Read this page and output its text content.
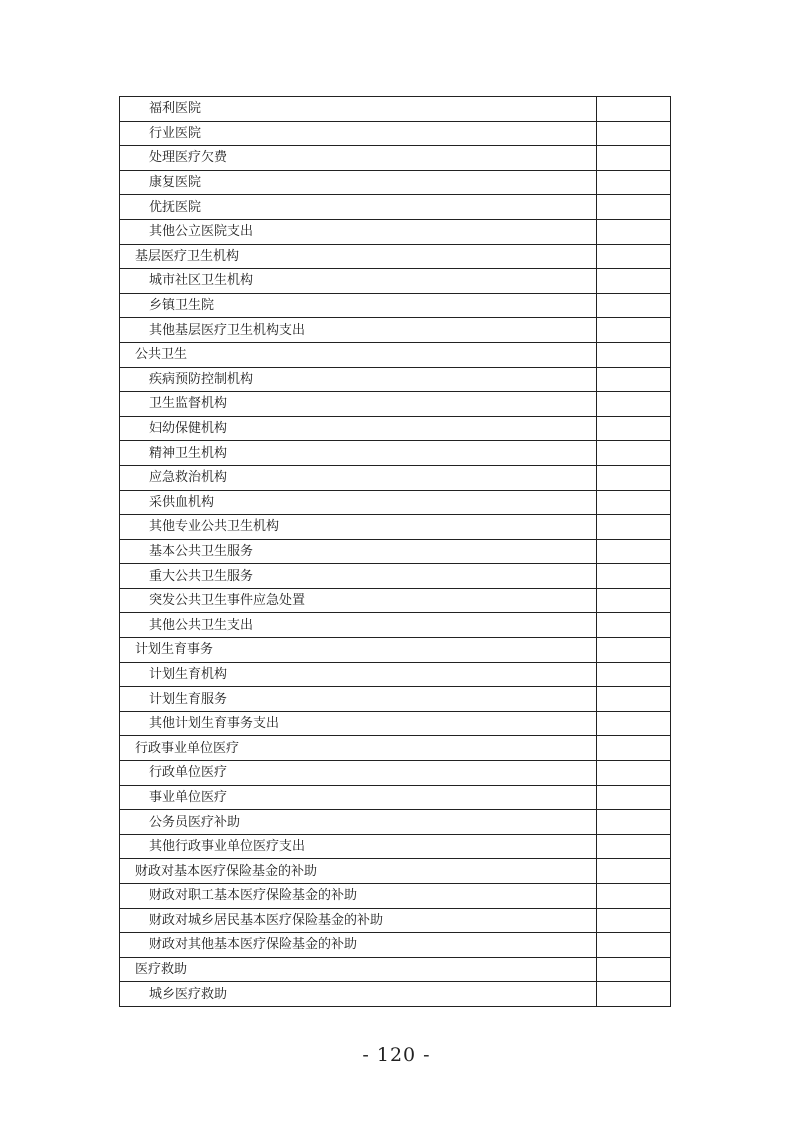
福利医院	
行业医院	
处理医疗欠费	
康复医院	
优抚医院	
其他公立医院支出	
基层医疗卫生机构	
城市社区卫生机构	
乡镇卫生院	
其他基层医疗卫生机构支出	
公共卫生	
疾病预防控制机构	
卫生监督机构	
妇幼保健机构	
精神卫生机构	
应急救治机构	
采供血机构	
其他专业公共卫生机构	
基本公共卫生服务	
重大公共卫生服务	
突发公共卫生事件应急处置	
其他公共卫生支出	
计划生育事务	
计划生育机构	
计划生育服务	
其他计划生育事务支出	
行政事业单位医疗	
行政单位医疗	
事业单位医疗	
公务员医疗补助	
其他行政事业单位医疗支出	
财政对基本医疗保险基金的补助	
财政对职工基本医疗保险基金的补助	
财政对城乡居民基本医疗保险基金的补助	
财政对其他基本医疗保险基金的补助	
医疗救助	
城乡医疗救助	
- 120 -
